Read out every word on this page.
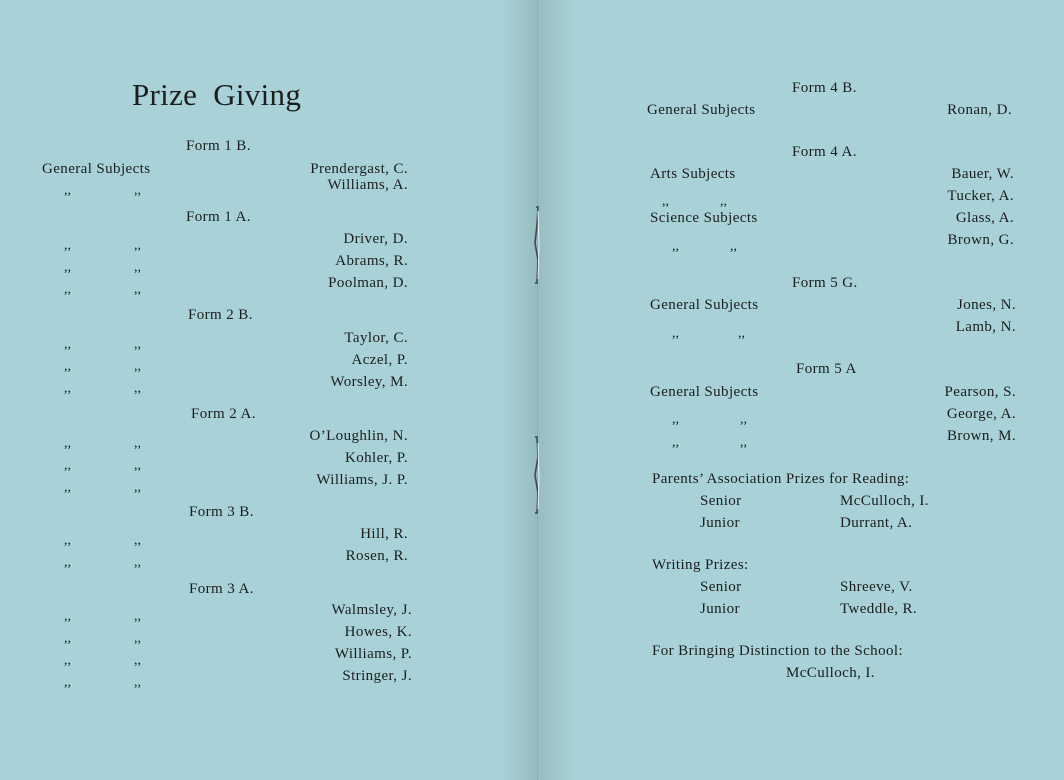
Prize Giving
Form 1 B.
General Subjects	Prendergast, C.
,,	,,	Williams, A.
Form 1 A.
,,	,,	Driver, D.
,,	,,	Abrams, R.
,,	,,	Poolman, D.
Form 2 B.
,,	,,	Taylor, C.
,,	,,	Aczel, P.
,,	,,	Worsley, M.
Form 2 A.
,,	,,	O’Loughlin, N.
,,	,,	Kohler, P.
,,	,,	Williams, J. P.
Form 3 B.
,,	,,	Hill, R.
,,	,,	Rosen, R.
Form 3 A.
,,	,,	Walmsley, J.
,,	,,	Howes, K.
,,	,,	Williams, P.
,,	,,	Stringer, J.
Form 4 B.
General Subjects	Ronan, D.
Form 4 A.
Arts Subjects	Bauer, W.
,,	,,	Tucker, A.
Science Subjects	Glass, A.
,,	,,	Brown, G.
Form 5 G.
General Subjects	Jones, N.
,,	,,	Lamb, N.
Form 5 A
General Subjects	Pearson, S.
,,	,,	George, A.
,,	,,	Brown, M.
Parents’ Association Prizes for Reading:
Senior	McCulloch, I.
Junior	Durrant, A.
Writing Prizes:
Senior	Shreeve, V.
Junior	Tweddle, R.
For Bringing Distinction to the School:
McCulloch, I.
